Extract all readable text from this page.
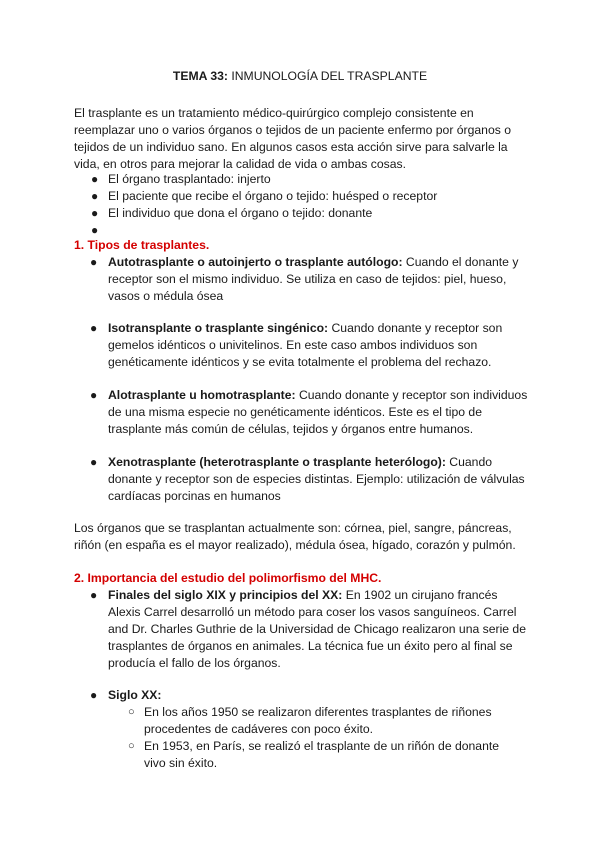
TEMA 33: INMUNOLOGÍA DEL TRASPLANTE
El trasplante es un tratamiento médico-quirúrgico complejo consistente en reemplazar uno o varios órganos o tejidos de un paciente enfermo por órganos o tejidos de un individuo sano. En algunos casos esta acción sirve para salvarle la vida, en otros para mejorar la calidad de vida o ambas cosas.
● El órgano trasplantado: injerto
● El paciente que recibe el órgano o tejido: huésped o receptor
● El individuo que dona el órgano o tejido: donante
●

1. Tipos de trasplantes.
● Autotrasplante o autoinjerto o trasplante autólogo: Cuando el donante y receptor son el mismo individuo. Se utiliza en caso de tejidos: piel, hueso, vasos o médula ósea
● Isotransplante o trasplante singénico: Cuando donante y receptor son gemelos idénticos o univitelinos. En este caso ambos individuos son genéticamente idénticos y se evita totalmente el problema del rechazo.
● Alotrasplante u homotrasplante: Cuando donante y receptor son individuos de una misma especie no genéticamente idénticos. Este es el tipo de trasplante más común de células, tejidos y órganos entre humanos.
● Xenotrasplante (heterotrasplante o trasplante heterólogo): Cuando donante y receptor son de especies distintas. Ejemplo: utilización de válvulas cardíacas porcinas en humanos
Los órganos que se trasplantan actualmente son: córnea, piel, sangre, páncreas, riñón (en españa es el mayor realizado), médula ósea, hígado, corazón y pulmón.
2. Importancia del estudio del polimorfismo del MHC.
● Finales del siglo XIX y principios del XX: En 1902 un cirujano francés Alexis Carrel desarrolló un método para coser los vasos sanguíneos. Carrel and Dr. Charles Guthrie de la Universidad de Chicago realizaron una serie de trasplantes de órganos en animales. La técnica fue un éxito pero al final se producía el fallo de los órganos.
● Siglo XX:
○ En los años 1950 se realizaron diferentes trasplantes de riñones procedentes de cadáveres con poco éxito.
○ En 1953, en París, se realizó el trasplante de un riñón de donante vivo sin éxito.
